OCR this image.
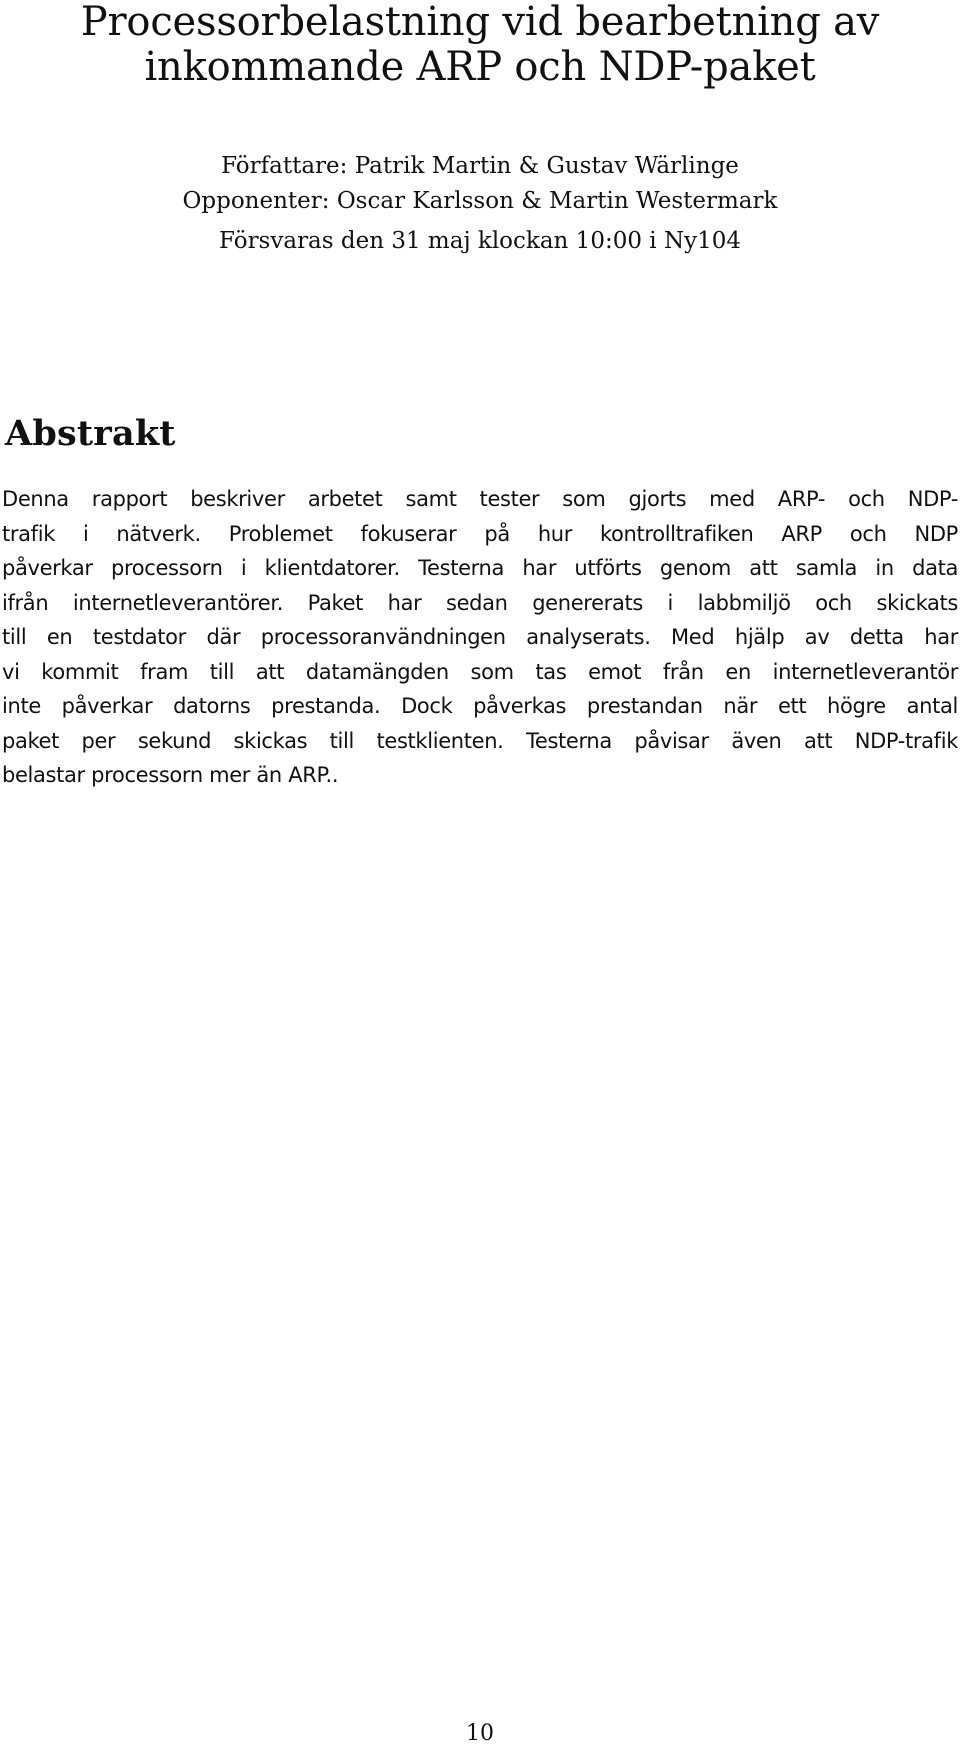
Processorbelastning vid bearbetning av
inkommande ARP och NDP-paket
Författare: Patrik Martin & Gustav Wärlinge
Opponenter: Oscar Karlsson & Martin Westermark
Försvaras den 31 maj klockan 10:00 i Ny104
Abstrakt

Denna rapport beskriver arbetet samt tester som gjorts med ARP- och NDP-
trafik i nätverk. Problemet fokuserar på hur kontrolltrafiken ARP och NDP
påverkar processorn i klientdatorer. Testerna har utförts genom att samla in data
ifrån internetleverantörer. Paket har sedan genererats i labbmiljö och skickats
till en testdator där processoranvändningen analyserats. Med hjälp av detta har
vi kommit fram till att datamängden som tas emot från en internetleverantör
inte påverkar datorns prestanda. Dock påverkas prestandan när ett högre antal
paket per sekund skickas till testklienten. Testerna påvisar även att NDP-trafik
belastar processorn mer än ARP..

10
